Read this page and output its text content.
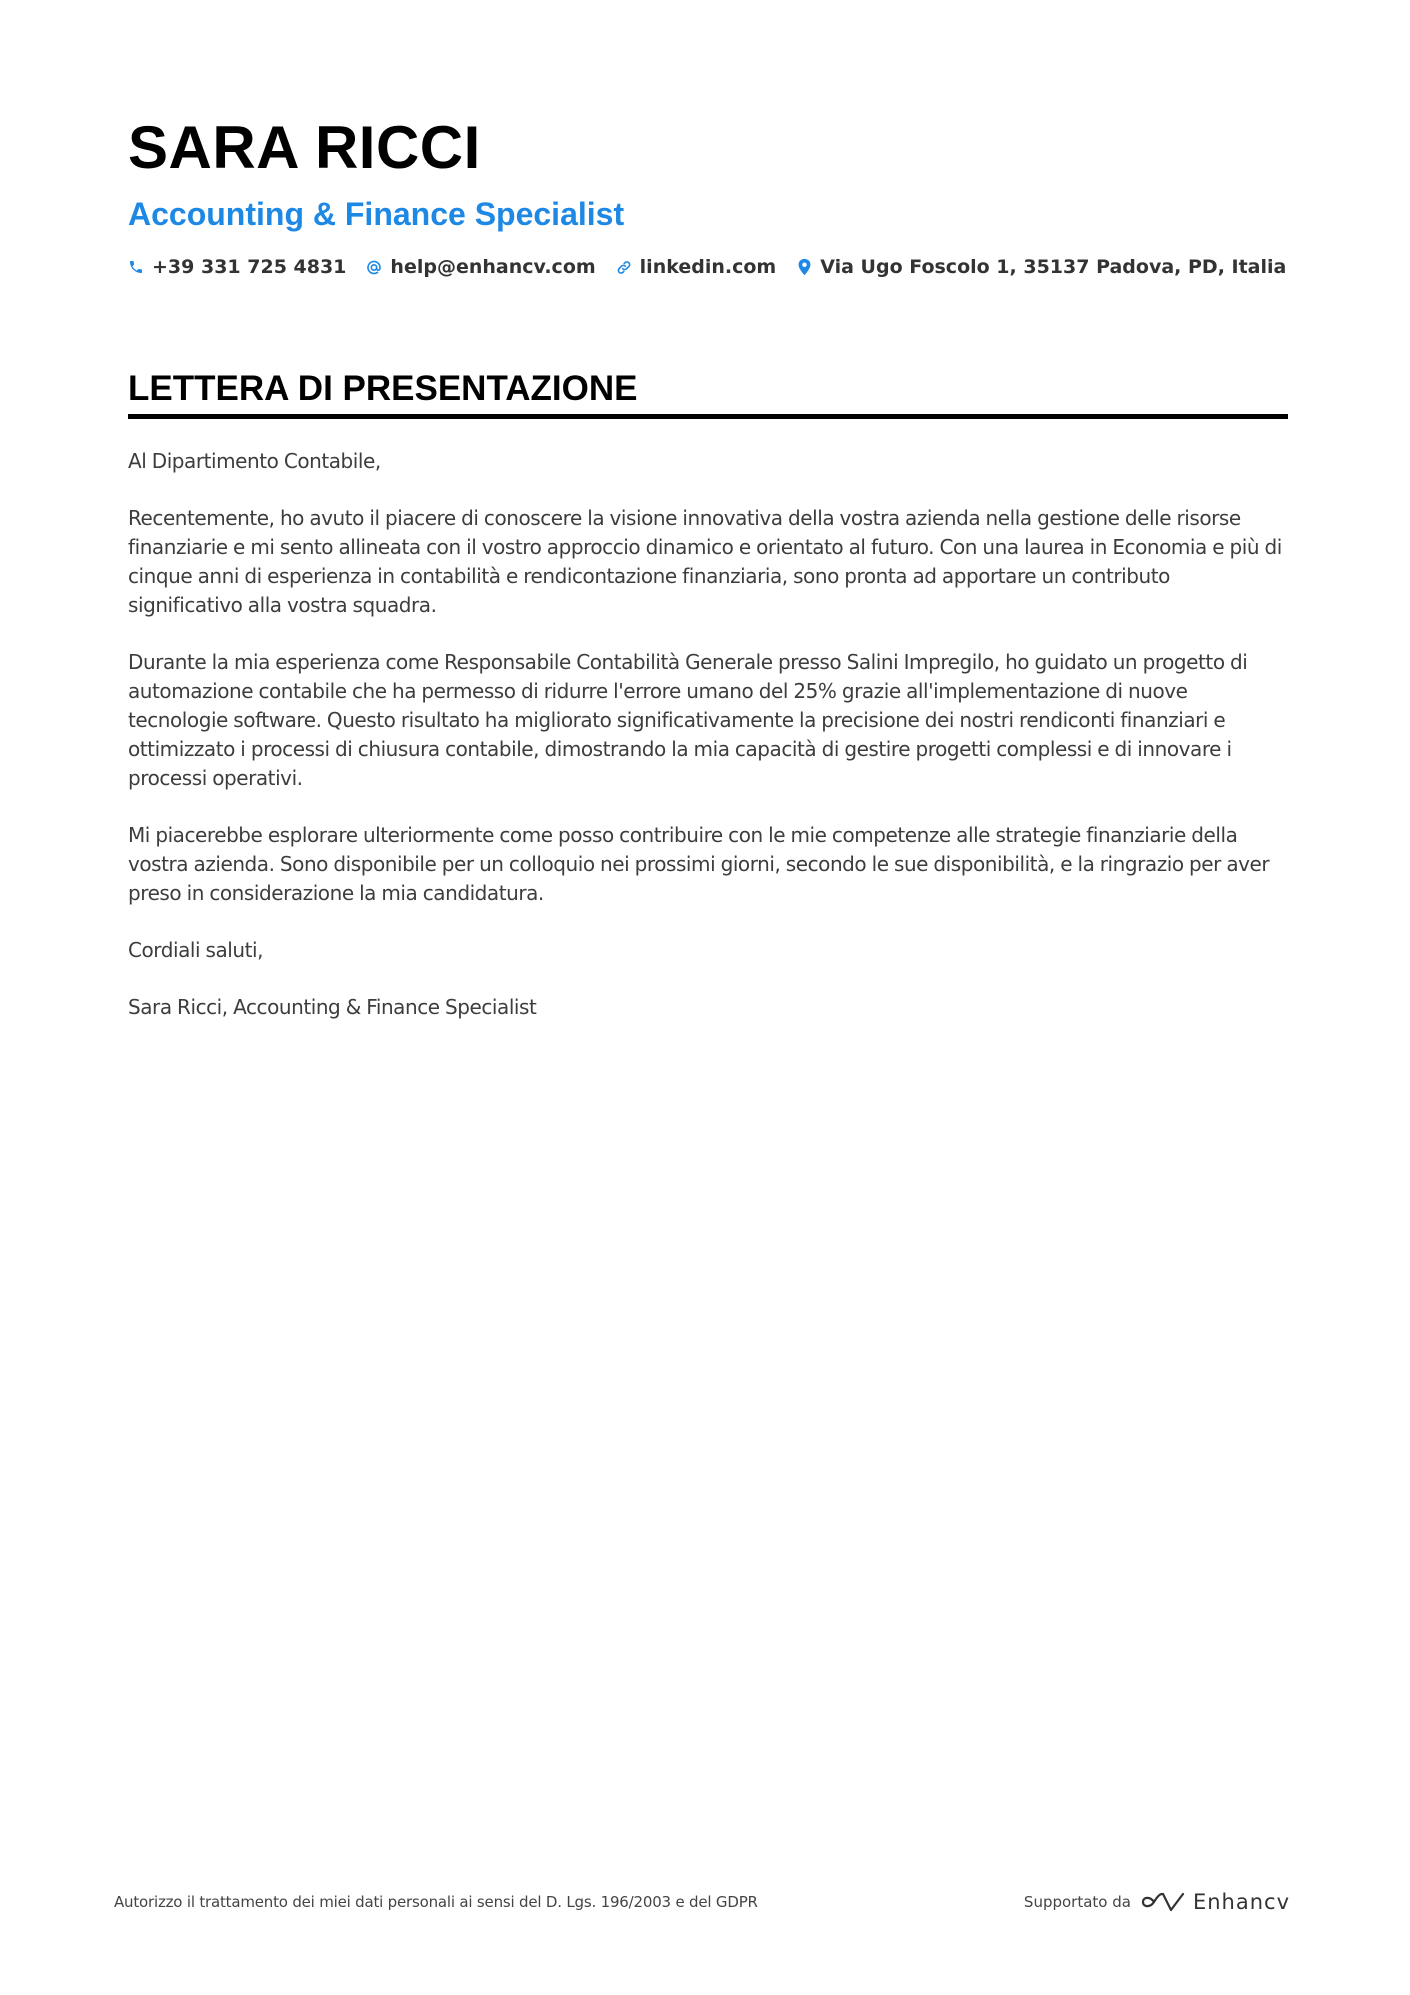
SARA RICCI
Accounting & Finance Specialist
+39 331 725 4831 help@enhancv.com linkedin.com Via Ugo Foscolo 1, 35137 Padova, PD, Italia
LETTERA DI PRESENTAZIONE

Al Dipartimento Contabile,

Recentemente, ho avuto il piacere di conoscere la visione innovativa della vostra azienda nella gestione delle risorse finanziarie e mi sento allineata con il vostro approccio dinamico e orientato al futuro. Con una laurea in Economia e più di cinque anni di esperienza in contabilità e rendicontazione finanziaria, sono pronta ad apportare un contributo significativo alla vostra squadra.

Durante la mia esperienza come Responsabile Contabilità Generale presso Salini Impregilo, ho guidato un progetto di automazione contabile che ha permesso di ridurre l'errore umano del 25% grazie all'implementazione di nuove tecnologie software. Questo risultato ha migliorato significativamente la precisione dei nostri rendiconti finanziari e ottimizzato i processi di chiusura contabile, dimostrando la mia capacità di gestire progetti complessi e di innovare i processi operativi.

Mi piacerebbe esplorare ulteriormente come posso contribuire con le mie competenze alle strategie finanziarie della vostra azienda. Sono disponibile per un colloquio nei prossimi giorni, secondo le sue disponibilità, e la ringrazio per aver preso in considerazione la mia candidatura.

Cordiali saluti,

Sara Ricci, Accounting & Finance Specialist

Autorizzo il trattamento dei miei dati personali ai sensi del D. Lgs. 196/2003 e del GDPR	Supportato da	Enhancv
